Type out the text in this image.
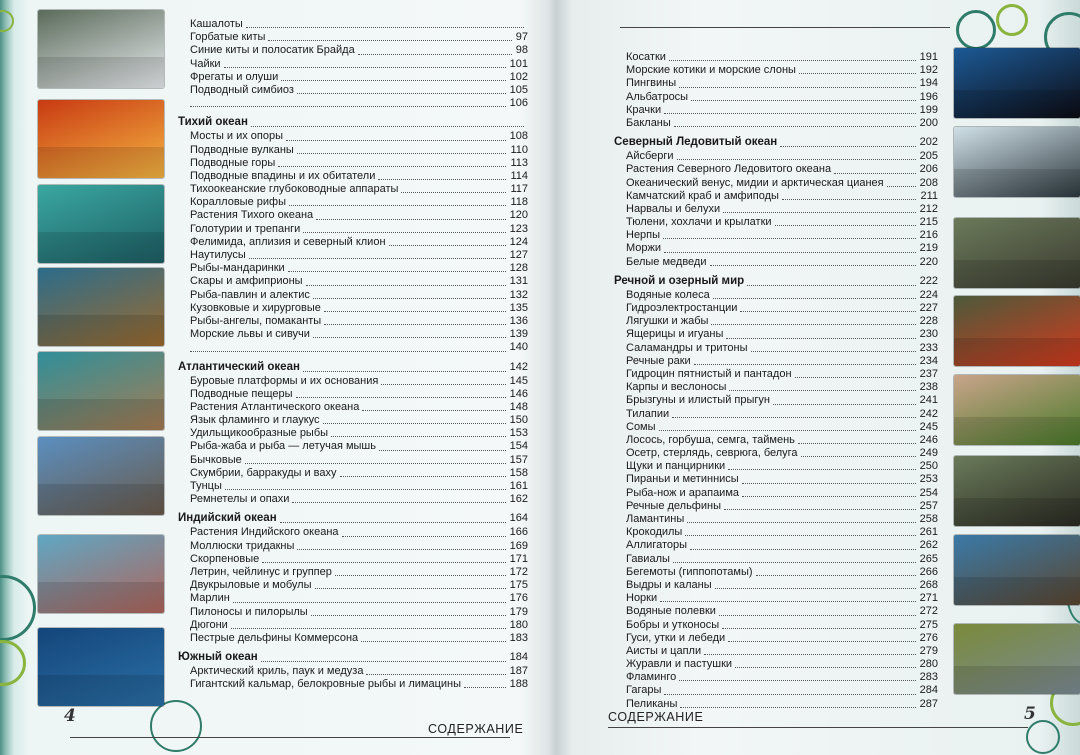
Кашалоты
Горбатые киты	97
Синие киты и полосатик Брайда	98
Чайки	101
Фрегаты и олуши	102
Подводный симбиоз	105
106
Тихий океан
Мосты и их опоры	108
Подводные вулканы	110
Подводные горы	113
Подводные впадины и их обитатели	114
Тихоокеанские глубоководные аппараты	117
Коралловые рифы	118
Растения Тихого океана	120
Голотурии и трепанги	123
Фелимида, аплизия и северный клион	124
Наутилусы	127
Рыбы-мандаринки	128
Скары и амфиприоны	131
Рыба-павлин и алектис	132
Кузовковые и хирурговые	135
Рыбы-ангелы, помаканты	136
Морские львы и сивучи	139
140
Атлантический океан	142
Буровые платформы и их основания	145
Подводные пещеры	146
Растения Атлантического океана	148
Язык фламинго и глаукус	150
Удильщикообразные рыбы	153
Рыба-жаба и рыба — летучая мышь	154
Бычковые	157
Скумбрии, барракуды и ваху	158
Тунцы	161
Ремнетелы и опахи	162
Индийский океан	164
Растения Индийского океана	166
Моллюски тридакны	169
Скорпеновые	171
Летрин, чейлинус и группер	172
Двукрыловые и мобулы	175
Марлин	176
Пилоносы и пилорылы	179
Дюгони	180
Пестрые дельфины Коммерсона	183
Южный океан	184
Арктический криль, паук и медуза	187
Гигантский кальмар, белокровные рыбы и лимацины	188
4
СОДЕРЖАНИЕ
Косатки	191
Морские котики и морские слоны	192
Пингвины	194
Альбатросы	196
Крачки	199
Бакланы	200
Северный Ледовитый океан	202
Айсберги	205
Растения Северного Ледовитого океана	206
Океанический венус, мидии и арктическая цианея	208
Камчатский краб и амфиподы	211
Нарвалы и белухи	212
Тюлени, хохлачи и крылатки	215
Нерпы	216
Моржи	219
Белые медведи	220
Речной и озерный мир	222
Водяные колеса	224
Гидроэлектростанции	227
Лягушки и жабы	228
Ящерицы и игуаны	230
Саламандры и тритоны	233
Речные раки	234
Гидроцин пятнистый и пантадон	237
Карпы и веслоносы	238
Брызгуны и илистый прыгун	241
Тилапии	242
Сомы	245
Лосось, горбуша, семга, таймень	246
Осетр, стерлядь, севрюга, белуга	249
Щуки и панцирники	250
Пираньи и метиннисы	253
Рыба-нож и арапаима	254
Речные дельфины	257
Ламантины	258
Крокодилы	261
Аллигаторы	262
Гавиалы	265
Бегемоты (гиппопотамы)	266
Выдры и каланы	268
Норки	271
Водяные полевки	272
Бобры и утконосы	275
Гуси, утки и лебеди	276
Аисты и цапли	279
Журавли и пастушки	280
Фламинго	283
Гагары	284
Пеликаны	287
СОДЕРЖАНИЕ	5
